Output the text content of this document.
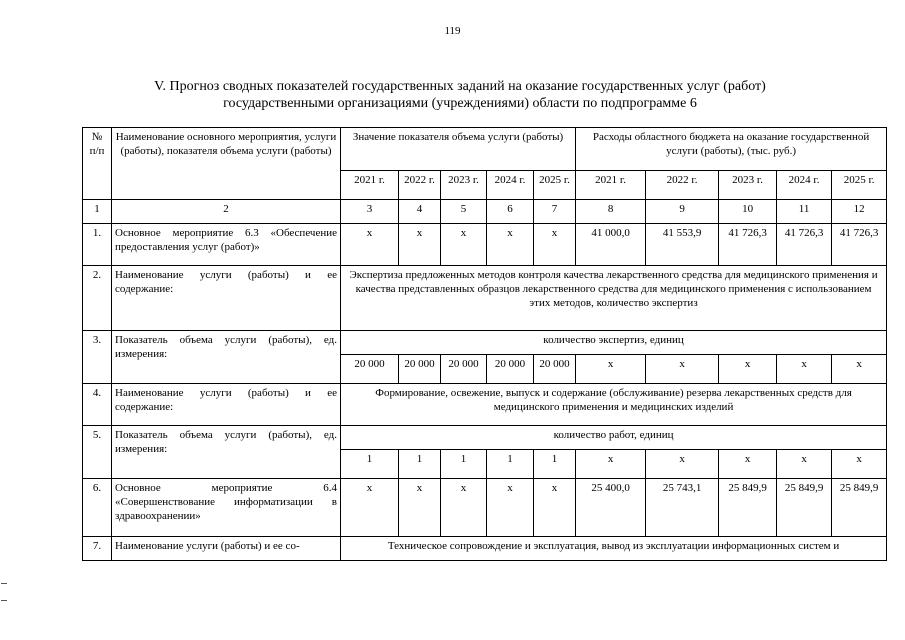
119
V. Прогноз сводных показателей государственных заданий на оказание государственных услуг (работ)
государственными организациями (учреждениями) области по подпрограмме 6
№ п/п	Наименование основного мероприятия, услуги (работы), показателя объема услуги (работы)	Значение показателя объема услуги (работы)					Расходы областного бюджета на оказание государственной услуги (работы), (тыс. руб.)				
		2021 г.	2022 г.	2023 г.	2024 г.	2025 г.	2021 г.	2022 г.	2023 г.	2024 г.	2025 г.
1	2	3	4	5	6	7	8	9	10	11	12
1.	Основное мероприятие 6.3 «Обеспечение предоставления услуг (работ)»	x	x	x	x	x	41 000,0	41 553,9	41 726,3	41 726,3	41 726,3
2.	Наименование услуги (работы) и ее содержание:	Экспертиза предложенных методов контроля качества лекарственного средства для медицинского применения и качества представленных образцов лекарственного средства для медицинского применения с использованием этих методов, количество экспертиз									
3.	Показатель объема услуги (работы), ед. измерения:	количество экспертиз, единиц									
		20 000	20 000	20 000	20 000	20 000	x	x	x	x	x
4.	Наименование услуги (работы) и ее содержание:	Формирование, освежение, выпуск и содержание (обслуживание) резерва лекарственных средств для медицинского применения и медицинских изделий									
5.	Показатель объема услуги (работы), ед. измерения:	количество работ, единиц									
		1	1	1	1	1	x	x	x	x	x
6.	Основное мероприятие 6.4 «Совершенствование информатизации в здравоохранении»	x	x	x	x	x	25 400,0	25 743,1	25 849,9	25 849,9	25 849,9
7.	Наименование услуги (работы) и ее со-	Техническое сопровождение и эксплуатация, вывод из эксплуатации информационных систем и									
